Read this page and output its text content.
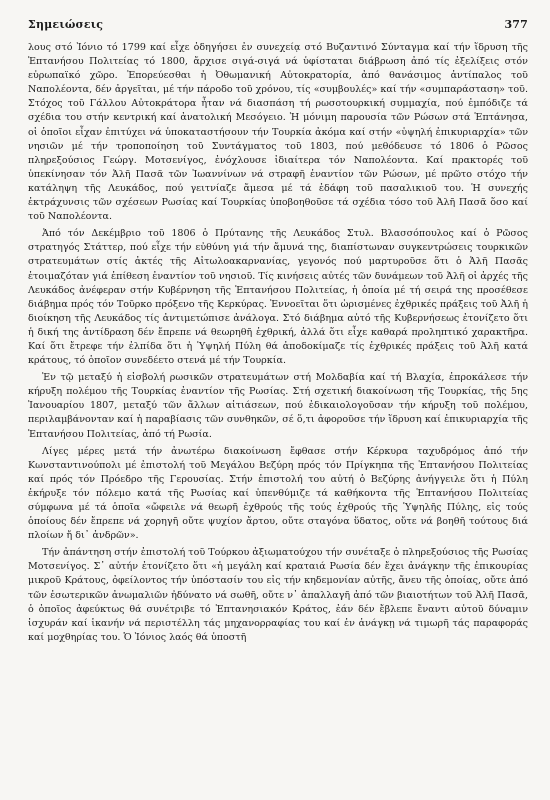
Σημειώσεις	377

λους στό Ἰόνιο τό 1799 καί εἶχε ὁδηγήσει ἐν συνεχείᾳ στό Βυζαντινό Σύνταγμα καί τήν ἵδρυση τῆς Ἑπτανήσου Πολιτείας τό 1800, ἄρχισε σιγά-σιγά νά ὑφίσταται διάβρωση ἀπό τίς ἐξελίξεις στόν εὐρωπαϊκό χῶρο. Ἐπορεύεσθαι ἡ Ὀθωμανική Αὐτοκρατορία, ἀπό θανάσιμος ἀντίπαλος τοῦ Ναπολέοντα, δέν ἀργεῖται, μέ τήν πάροδο τοῦ χρόνου, τίς «συμβουλές» καί τήν «συμπαράσταση» τοῦ. Στόχος τοῦ Γάλλου Αὐτοκράτορα ἦταν νά διασπάση τή ρωσοτουρκική συμμαχία, πού ἐμπόδιζε τά σχέδια του στήν κεντρική καί ἀνατολική Μεσόγειο. Ἡ μόνιμη παρουσία τῶν Ρώσων στά Ἑπτάνησα, οἱ ὁποῖοι εἶχαν ἐπιτύχει νά ὑποκαταστήσουν τήν Τουρκία ἀκόμα καί στήν «ὑψηλή ἐπικυριαρχία» τῶν νησιῶν μέ τήν τροποποίηση τοῦ Συντάγματος τοῦ 1803, πού μεθόδευσε τό 1806 ὁ Ρῶσος πληρεξούσιος Γεώργ. Μοτσενίγος, ἐνόχλουσε ἰδιαίτερα τόν Ναπολέοντα. Καί πρακτορές τοῦ ὑπεκίνησαν τόν Ἀλῆ Πασᾶ τῶν Ἰωαννίνων νά στραφῆ ἐναντίον τῶν Ρώσων, μέ πρῶτο στόχο τήν κατάληψη τῆς Λευκάδος, πού γειτνίαζε ἄμεσα μέ τά ἐδάφη τοῦ πασαλικιοῦ του. Ἡ συνεχής ἐκτράχυνσις τῶν σχέσεων Ρωσίας καί Τουρκίας ὑποβοηθοῦσε τά σχέδια τόσο τοῦ Ἀλῆ Πασᾶ ὅσο καί τοῦ Ναπολέοντα.

Ἀπό τόν Δεκέμβριο τοῦ 1806 ὁ Πρύτανης τῆς Λευκάδος Στυλ. Βλασσόπουλος καί ὁ Ρῶσος στρατηγός Στάττερ, πού εἶχε τήν εὐθύνη γιά τήν ἄμυνά της, διαπίστωναν συγκεντρώσεις τουρκικῶν στρατευμάτων στίς ἀκτές τῆς Αἰτωλοακαρνανίας, γεγονός πού μαρτυροῦσε ὅτι ὁ Ἀλῆ Πασᾶς ἑτοιμαζόταν γιά ἐπίθεση ἐναντίον τοῦ νησιοῦ. Τίς κινήσεις αὐτές τῶν δυνάμεων τοῦ Ἀλῆ οἱ ἀρχές τῆς Λευκάδος ἀνέφεραν στήν Κυβέρνηση τῆς Ἑπτανήσου Πολιτείας, ἡ ὁποία μέ τή σειρά της προσέθεσε διάβημα πρός τόν Τοῦρκο πρόξενο τῆς Κερκύρας. Ἐννοεῖται ὅτι ὡρισμένες ἐχθρικές πράξεις τοῦ Ἀλῆ ἡ διοίκηση τῆς Λευκάδος τίς ἀντιμετώπισε ἀνάλογα. Στό διάβημα αὐτό τῆς Κυβερνήσεως ἐτονίζετο ὅτι ἡ δική της ἀντίδραση δέν ἔπρεπε νά θεωρηθῆ ἐχθρική, ἀλλά ὅτι εἶχε καθαρά προληπτικό χαρακτῆρα. Καί ὅτι ἔτρεφε τήν ἐλπίδα ὅτι ἡ Ὑψηλή Πύλη θά ἀποδοκίμαζε τίς ἐχθρικές πράξεις τοῦ Ἀλῆ κατά κράτους, τό ὁποῖον συνεδέετο στενά μέ τήν Τουρκία.

Ἐν τῷ μεταξύ ἡ εἰσβολή ρωσικῶν στρατευμάτων στή Μολδαβία καί τή Βλαχία, ἐπροκάλεσε τήν κήρυξη πολέμου τῆς Τουρκίας ἐναντίον τῆς Ρωσίας. Στή σχετική διακοίνωση τῆς Τουρκίας, τῆς 5ης Ἰανουαρίου 1807, μεταξύ τῶν ἄλλων αἰτιάσεων, πού ἐδικαιολογοῦσαν τήν κήρυξη τοῦ πολέμου, περιλαμβάνονταν καί ἡ παραβίασις τῶν συνθηκῶν, σέ ὅ,τι ἀφοροῦσε τήν ἵδρυση καί ἐπικυριαρχία τῆς Ἑπτανήσου Πολιτείας, ἀπό τή Ρωσία.

Λίγες μέρες μετά τήν ἀνωτέρω διακοίνωση ἔφθασε στήν Κέρκυρα ταχυδρόμος ἀπό τήν Κωνσταντινούπολι μέ ἐπιστολή τοῦ Μεγάλου Βεζύρη πρός τόν Πρίγκηπα τῆς Ἑπτανήσου Πολιτείας καί πρός τόν Πρόεδρο τῆς Γερουσίας. Στήν ἐπιστολή του αὐτή ὁ Βεζύρης ἀνήγγειλε ὅτι ἡ Πύλη ἐκήρυξε τόν πόλεμο κατά τῆς Ρωσίας καί ὑπενθύμιζε τά καθήκοντα τῆς Ἑπτανήσου Πολιτείας σύμφωνα μέ τά ὁποῖα «ὤφειλε νά θεωρῆ ἐχθρούς τῆς τούς ἐχθρούς τῆς Ὑψηλῆς Πύλης, εἰς τούς ὁποίους δέν ἔπρεπε νά χορηγῆ οὔτε ψυχίον ἄρτου, οὔτε σταγόνα ὕδατος, οὔτε νά βοηθῆ τούτους διά πλοίων ἤ δι᾽ ἀνδρῶν».

Τήν ἀπάντηση στήν ἐπιστολή τοῦ Τούρκου ἀξιωματούχου τήν συνέταξε ὁ πληρεξούσιος τῆς Ρωσίας Μοτσενίγος. Σ᾽ αὐτήν ἐτονίζετο ὅτι «ἡ μεγάλη καί κραταιά Ρωσία δέν ἔχει ἀνάγκην τῆς ἐπικουρίας μικροῦ Κράτους, ὀφείλοντος τήν ὑπόστασίν του εἰς τήν κηδεμονίαν αὐτῆς, ἄνευ τῆς ὁποίας, οὔτε ἀπό τῶν ἐσωτερικῶν ἀνωμαλιῶν ἠδύνατο νά σωθῆ, οὔτε ν᾽ ἀπαλλαγῆ ἀπό τῶν βιαιοτήτων τοῦ Ἀλῆ Πασᾶ, ὁ ὁποῖος ἀφεύκτως θά συνέτριβε τό Ἑπτανησιακόν Κράτος, ἐάν δέν ἔβλεπε ἔναντι αὐτοῦ δύναμιν ἰσχυράν καί ἱκανήν νά περιστέλλη τάς μηχανορραφίας του καί ἐν ἀνάγκῃ νά τιμωρῆ τάς παραφοράς καί μοχθηρίας του. Ὁ Ἰόνιος λαός θά ὑποστῆ
